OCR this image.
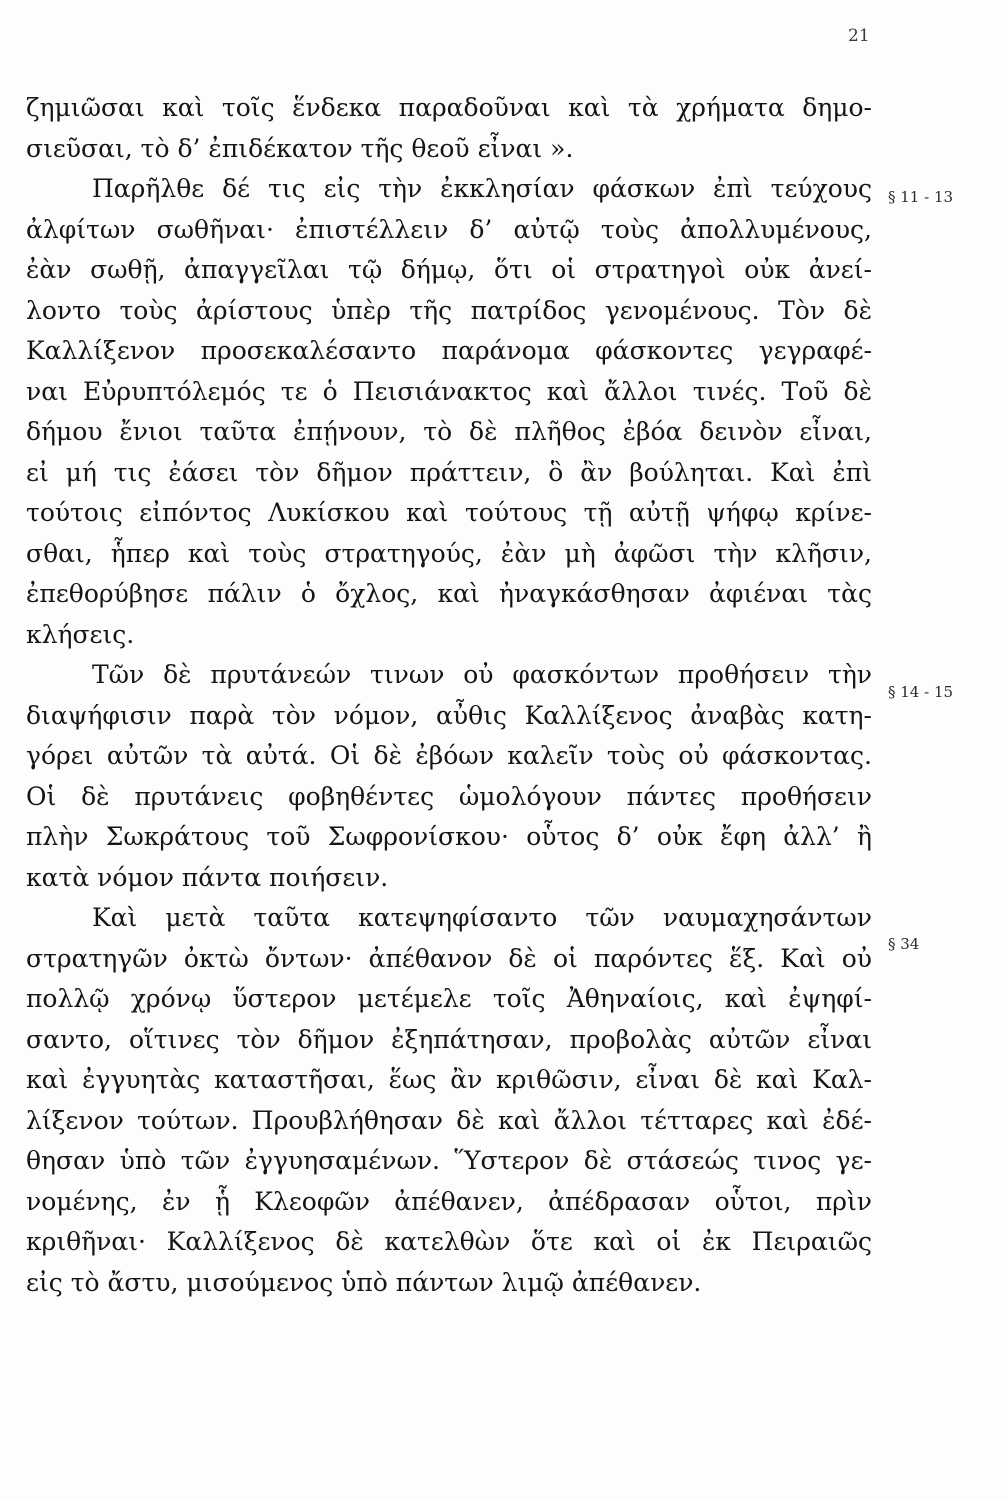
21
ζημιῶσαι καὶ τοῖς ἕνδεκα παραδοῦναι καὶ τὰ χρήματα δημο-
σιεῦσαι, τὸ δ’ ἐπιδέκατον τῆς θεοῦ εἶναι ».
Παρῆλθε δέ τις εἰς τὴν ἐκκλησίαν φάσκων ἐπὶ τεύχους
ἀλφίτων σωθῆναι· ἐπιστέλλειν δ’ αὐτῷ τοὺς ἀπολλυμένους,
ἐὰν σωθῇ, ἀπαγγεῖλαι τῷ δήμῳ, ὅτι οἱ στρατηγοὶ οὐκ ἀνεί-
λοντο τοὺς ἀρίστους ὑπὲρ τῆς πατρίδος γενομένους. Τὸν δὲ
Καλλίξενον προσεκαλέσαντο παράνομα φάσκοντες γεγραφέ-
ναι Εὐρυπτόλεμός τε ὁ Πεισιάνακτος καὶ ἄλλοι τινές. Τοῦ δὲ
δήμου ἔνιοι ταῦτα ἐπῄνουν, τὸ δὲ πλῆθος ἐβόα δεινὸν εἶναι,
εἰ μή τις ἐάσει τὸν δῆμον πράττειν, ὃ ἂν βούληται. Καὶ ἐπὶ
τούτοις εἰπόντος Λυκίσκου καὶ τούτους τῇ αὐτῇ ψήφῳ κρίνε-
σθαι, ἧπερ καὶ τοὺς στρατηγούς, ἐὰν μὴ ἀφῶσι τὴν κλῆσιν,
ἐπεθορύβησε πάλιν ὁ ὄχλος, καὶ ἠναγκάσθησαν ἀφιέναι τὰς
κλήσεις.
Τῶν δὲ πρυτάνεών τινων οὐ φασκόντων προθήσειν τὴν
διαψήφισιν παρὰ τὸν νόμον, αὖθις Καλλίξενος ἀναβὰς κατη-
γόρει αὐτῶν τὰ αὐτά. Οἱ δὲ ἐβόων καλεῖν τοὺς οὐ φάσκοντας.
Οἱ δὲ πρυτάνεις φοβηθέντες ὡμολόγουν πάντες προθήσειν
πλὴν Σωκράτους τοῦ Σωφρονίσκου· οὗτος δ’ οὐκ ἔφη ἀλλ’ ἢ
κατὰ νόμον πάντα ποιήσειν.
Καὶ μετὰ ταῦτα κατεψηφίσαντο τῶν ναυμαχησάντων
στρατηγῶν ὀκτὼ ὄντων· ἀπέθανον δὲ οἱ παρόντες ἕξ. Καὶ οὐ
πολλῷ χρόνῳ ὕστερον μετέμελε τοῖς Ἀθηναίοις, καὶ ἐψηφί-
σαντο, οἵτινες τὸν δῆμον ἐξηπάτησαν, προβολὰς αὐτῶν εἶναι
καὶ ἐγγυητὰς καταστῆσαι, ἕως ἂν κριθῶσιν, εἶναι δὲ καὶ Καλ-
λίξενον τούτων. Προυβλήθησαν δὲ καὶ ἄλλοι τέτταρες καὶ ἐδέ-
θησαν ὑπὸ τῶν ἐγγυησαμένων. Ὕστερον δὲ στάσεώς τινος γε-
νομένης, ἐν ᾗ Κλεοφῶν ἀπέθανεν, ἀπέδρασαν οὗτοι, πρὶν
κριθῆναι· Καλλίξενος δὲ κατελθὼν ὅτε καὶ οἱ ἐκ Πειραιῶς
εἰς τὸ ἄστυ, μισούμενος ὑπὸ πάντων λιμῷ ἀπέθανεν.
§ 11 - 13
§ 14 - 15
§ 34
